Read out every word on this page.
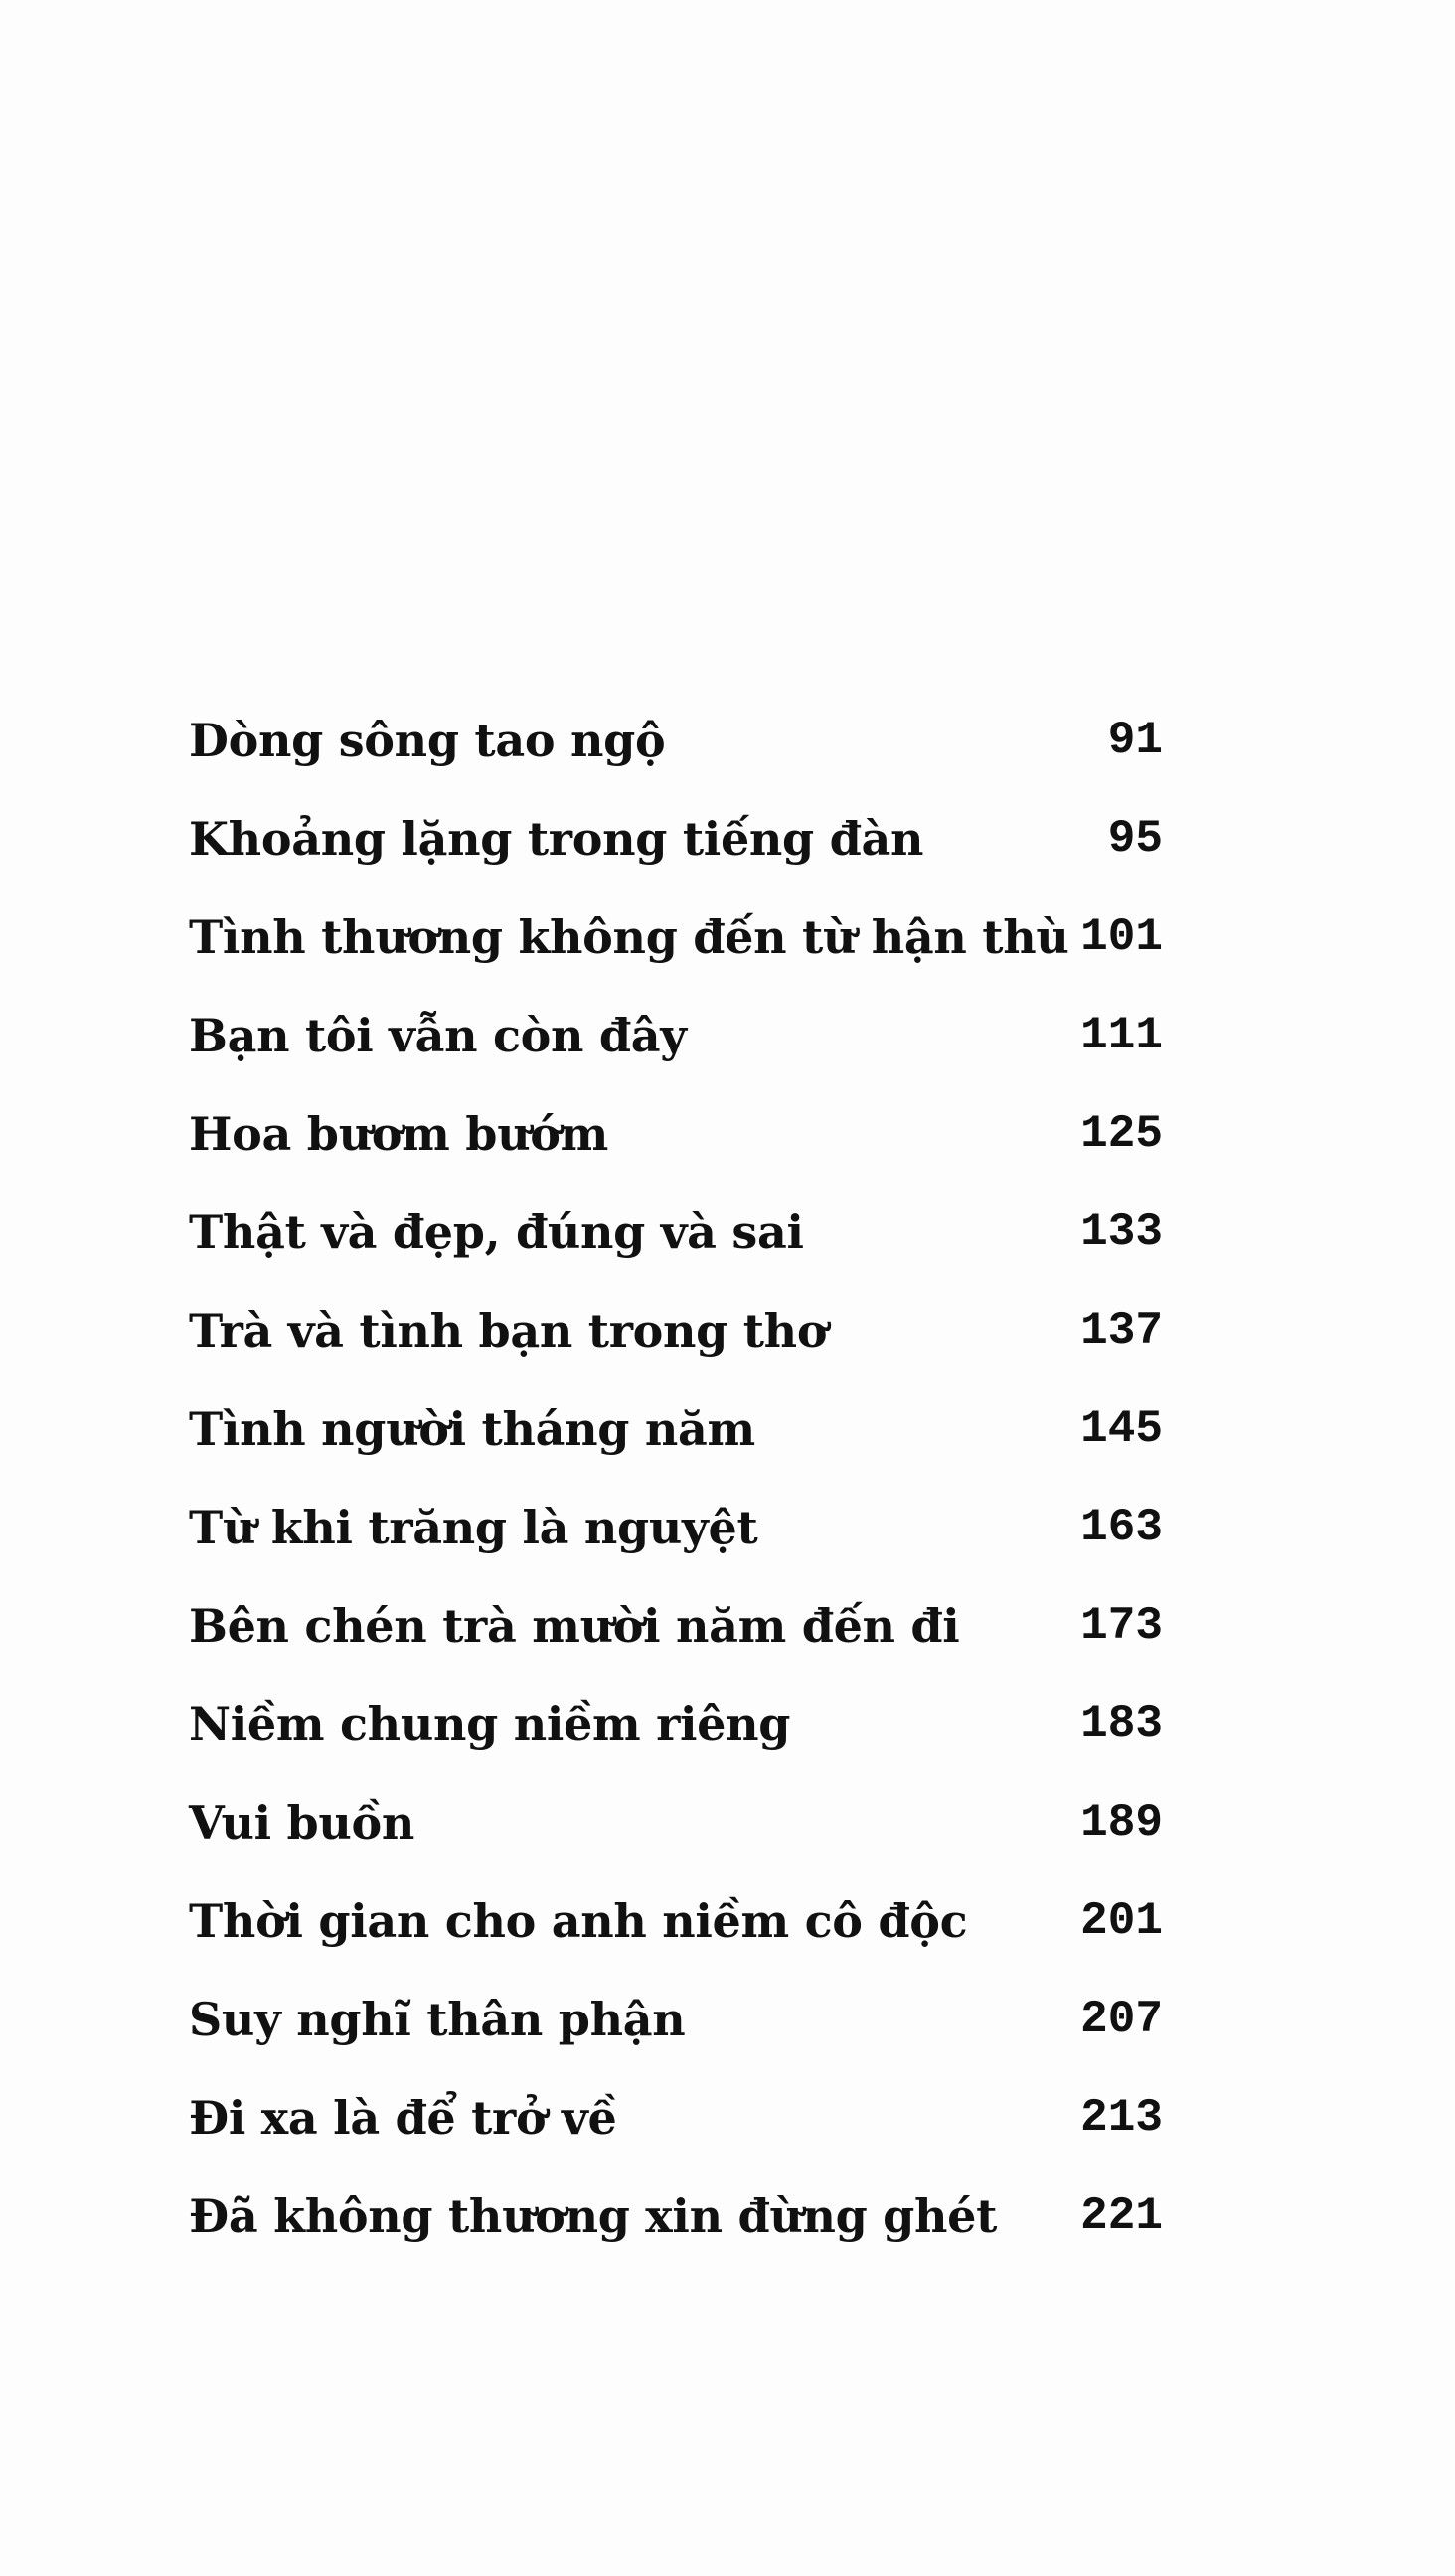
Dòng sông tao ngộ	91
Khoảng lặng trong tiếng đàn	95
Tình thương không đến từ hận thù 101
Bạn tôi vẫn còn đây	111
Hoa bươm bướm	125
Thật và đẹp, đúng và sai	133
Trà và tình bạn trong thơ	137
Tình người tháng năm	145
Từ khi trăng là nguyệt	163
Bên chén trà mười năm đến đi	173
Niềm chung niềm riêng	183
Vui buồn	189
Thời gian cho anh niềm cô độc 201
Suy nghĩ thân phận	207
Đi xa là để trở về	213
Đã không thương xin đừng ghét 221
